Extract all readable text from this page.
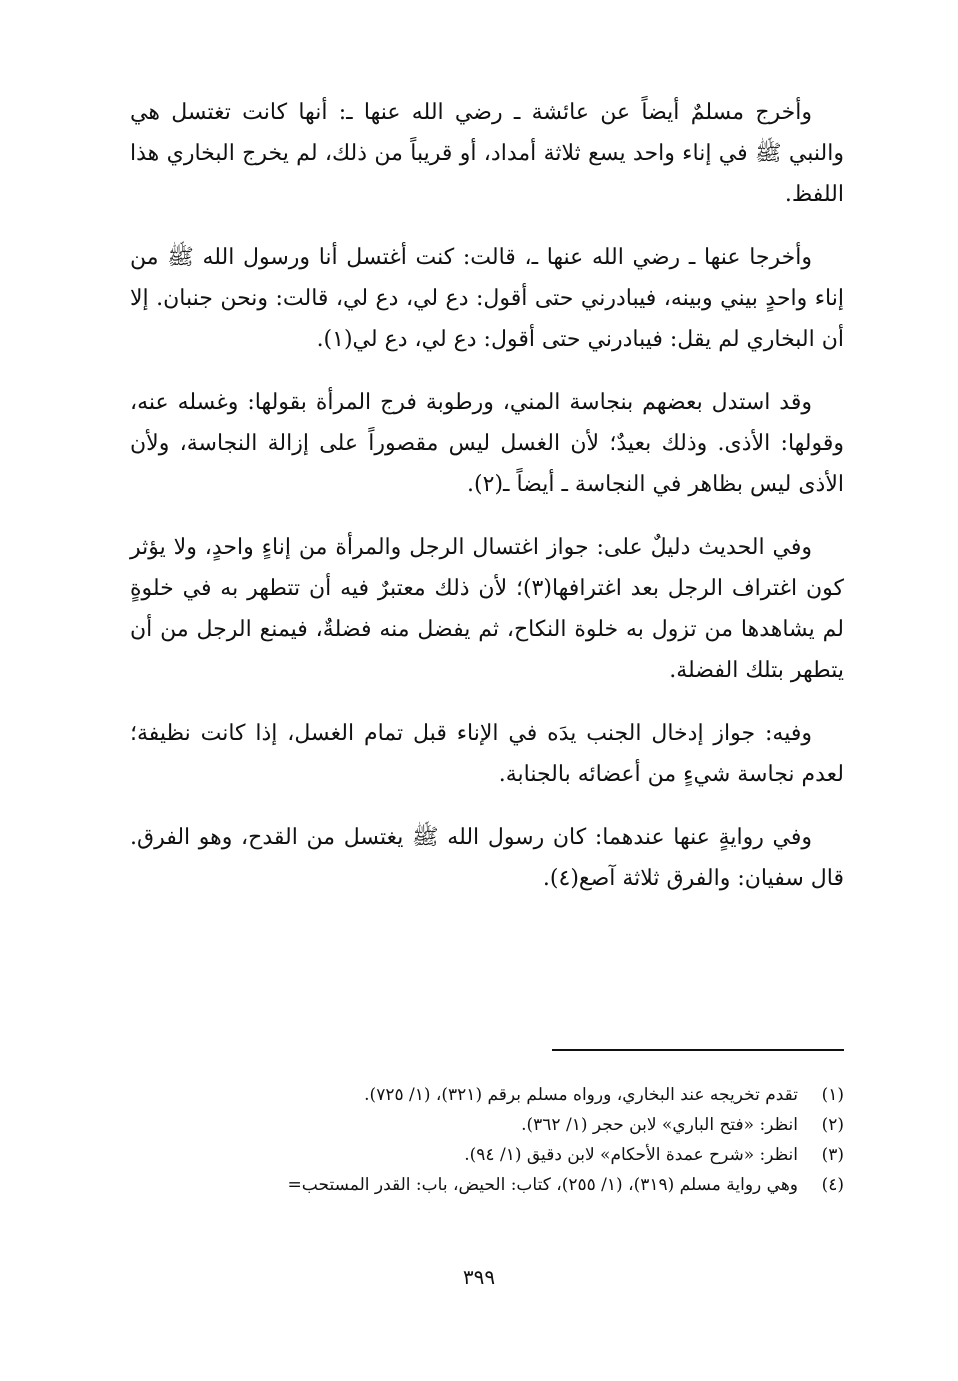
وأخرج مسلمٌ أيضاً عن عائشة ـ رضي الله عنها ـ: أنها كانت تغتسل هي والنبي ﷺ في إناء واحد يسع ثلاثة أمداد، أو قريباً من ذلك، لم يخرج البخاري هذا اللفظ.

وأخرجا عنها ـ رضي الله عنها ـ، قالت: كنت أغتسل أنا ورسول الله ﷺ من إناء واحدٍ بيني وبينه، فيبادرني حتى أقول: دع لي، دع لي، قالت: ونحن جنبان. إلا أن البخاري لم يقل: فيبادرني حتى أقول: دع لي، دع لي(١).

وقد استدل بعضهم بنجاسة المني، ورطوبة فرج المرأة بقولها: وغسله عنه، وقولها: الأذى. وذلك بعيدٌ؛ لأن الغسل ليس مقصوراً على إزالة النجاسة، ولأن الأذى ليس بظاهر في النجاسة ـ أيضاً ـ(٢).

وفي الحديث دليلٌ على: جواز اغتسال الرجل والمرأة من إناءٍ واحدٍ، ولا يؤثر كون اغتراف الرجل بعد اغترافها(٣)؛ لأن ذلك معتبرٌ فيه أن تتطهر به في خلوةٍ لم يشاهدها من تزول به خلوة النكاح، ثم يفضل منه فضلةٌ، فيمنع الرجل من أن يتطهر بتلك الفضلة.

وفيه: جواز إدخال الجنب يدَه في الإناء قبل تمام الغسل، إذا كانت نظيفة؛ لعدم نجاسة شيءٍ من أعضائه بالجنابة.

وفي روايةٍ عنها عندهما: كان رسول الله ﷺ يغتسل من القدح، وهو الفرق. قال سفيان: والفرق ثلاثة آصع(٤).

(١)
تقدم تخريجه عند البخاري، ورواه مسلم برقم (٣٢١)، (١/ ٧٢٥).
(٢)
انظر: «فتح الباري» لابن حجر (١/ ٣٦٢).
(٣)
انظر: «شرح عمدة الأحكام» لابن دقيق (١/ ٩٤).
(٤)
وهي رواية مسلم (٣١٩)، (١/ ٢٥٥)، كتاب: الحيض، باب: القدر المستحب=
٣٩٩
